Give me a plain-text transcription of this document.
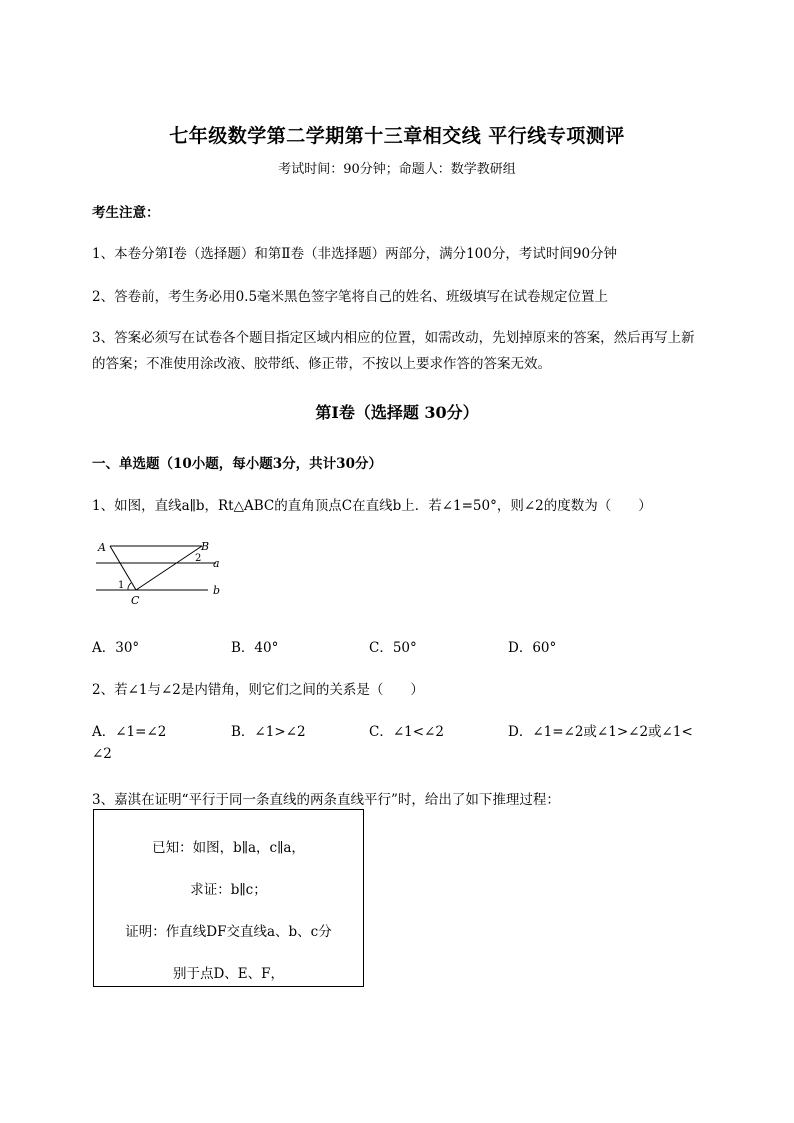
七年级数学第二学期第十三章相交线 平行线专项测评
考试时间：90分钟；命题人：数学教研组
考生注意：
1、本卷分第I卷（选择题）和第Ⅱ卷（非选择题）两部分，满分100分，考试时间90分钟
2、答卷前，考生务必用0.5毫米黑色签字笔将自己的姓名、班级填写在试卷规定位置上
3、答案必须写在试卷各个题目指定区域内相应的位置，如需改动，先划掉原来的答案，然后再写上新
的答案；不准使用涂改液、胶带纸、修正带，不按以上要求作答的答案无效。
第I卷（选择题 30分）
一、单选题（10小题，每小题3分，共计30分）
1、如图，直线a∥b，Rt△ABC的直角顶点C在直线b上．若∠1=50°，则∠2的度数为（　　）
A	B
2 a
1	b
C
A．30°	B．40°	C．50°	D．60°
2、若∠1与∠2是内错角，则它们之间的关系是（　　）
A．∠1=∠2	B．∠1>∠2	C．∠1<∠2	D．∠1=∠2或∠1>∠2或∠1<
∠2
3、嘉淇在证明“平行于同一条直线的两条直线平行”时，给出了如下推理过程：
已知：如图，b∥a，c∥a，
求证：b∥c；
证明：作直线DF交直线a、b、c分
别于点D、E、F，
